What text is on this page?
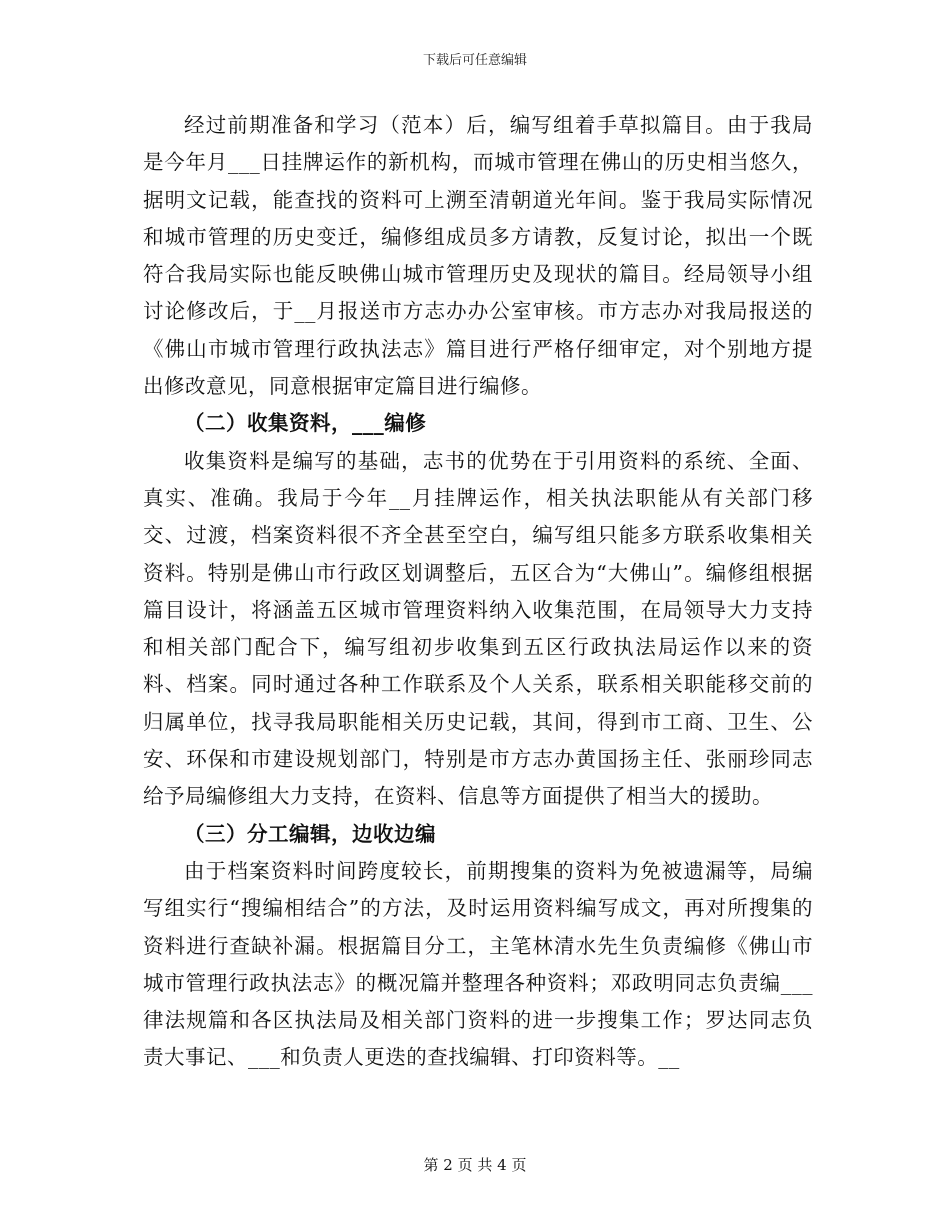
下载后可任意编辑

经过前期准备和学习（范本）后，编写组着手草拟篇目。由于我局是今年月___日挂牌运作的新机构，而城市管理在佛山的历史相当悠久，据明文记载，能查找的资料可上溯至清朝道光年间。鉴于我局实际情况和城市管理的历史变迁，编修组成员多方请教，反复讨论，拟出一个既符合我局实际也能反映佛山城市管理历史及现状的篇目。经局领导小组讨论修改后，于__月报送市方志办办公室审核。市方志办对我局报送的《佛山市城市管理行政执法志》篇目进行严格仔细审定，对个别地方提出修改意见，同意根据审定篇目进行编修。

（二）收集资料，___编修

收集资料是编写的基础，志书的优势在于引用资料的系统、全面、真实、准确。我局于今年__月挂牌运作，相关执法职能从有关部门移交、过渡，档案资料很不齐全甚至空白，编写组只能多方联系收集相关资料。特别是佛山市行政区划调整后，五区合为“大佛山”。编修组根据篇目设计，将涵盖五区城市管理资料纳入收集范围，在局领导大力支持和相关部门配合下，编写组初步收集到五区行政执法局运作以来的资料、档案。同时通过各种工作联系及个人关系，联系相关职能移交前的归属单位，找寻我局职能相关历史记载，其间，得到市工商、卫生、公安、环保和市建设规划部门，特别是市方志办黄国扬主任、张丽珍同志给予局编修组大力支持，在资料、信息等方面提供了相当大的援助。

（三）分工编辑，边收边编

由于档案资料时间跨度较长，前期搜集的资料为免被遗漏等，局编写组实行“搜编相结合”的方法，及时运用资料编写成文，再对所搜集的资料进行查缺补漏。根据篇目分工，主笔林清水先生负责编修《佛山市城市管理行政执法志》的概况篇并整理各种资料；邓政明同志负责编___律法规篇和各区执法局及相关部门资料的进一步搜集工作；罗达同志负责大事记、___和负责人更迭的查找编辑、打印资料等。__

第 2 页 共 4 页
